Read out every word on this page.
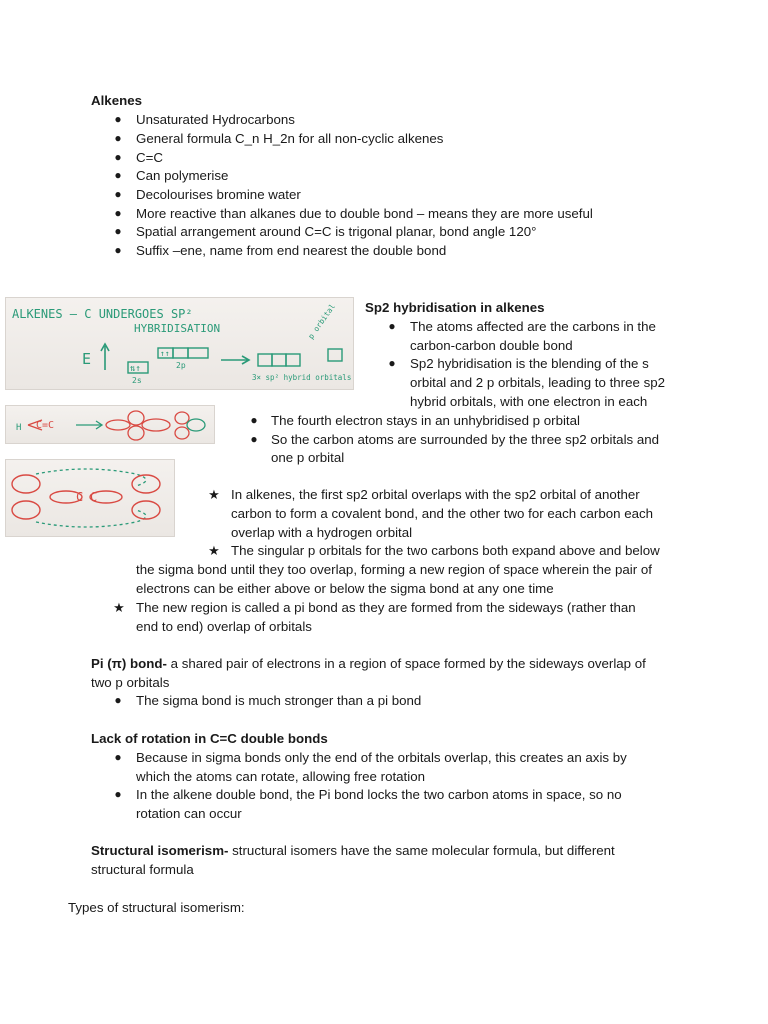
Alkenes
● Unsaturated Hydrocarbons
● General formula C_n H_2n for all non-cyclic alkenes
● C=C
● Can polymerise
● Decolourises bromine water
● More reactive than alkanes due to double bond – means they are more useful
● Spatial arrangement around C=C is trigonal planar, bond angle 120°
● Suffix –ene, name from end nearest the double bond
ALKENES – C UNDERGOES SP²
HYBRIDISATION
E
⇅↑
2s
↑↑
2p
3× sp² hybrid orbitals
p orbital
H C=C
C C
Sp2 hybridisation in alkenes
● The atoms affected are the carbons in the
carbon-carbon double bond
● Sp2 hybridisation is the blending of the s
orbital and 2 p orbitals, leading to three sp2
hybrid orbitals, with one electron in each
● The fourth electron stays in an unhybridised p orbital
● So the carbon atoms are surrounded by the three sp2 orbitals and
one p orbital
★ In alkenes, the first sp2 orbital overlaps with the sp2 orbital of another
carbon to form a covalent bond, and the other two for each carbon each
overlap with a hydrogen orbital
★ The singular p orbitals for the two carbons both expand above and below
the sigma bond until they too overlap, forming a new region of space wherein the pair of
electrons can be either above or below the sigma bond at any one time
★ The new region is called a pi bond as they are formed from the sideways (rather than
end to end) overlap of orbitals
Pi (π) bond- a shared pair of electrons in a region of space formed by the sideways overlap of
two p orbitals
● The sigma bond is much stronger than a pi bond
Lack of rotation in C=C double bonds
● Because in sigma bonds only the end of the orbitals overlap, this creates an axis by
which the atoms can rotate, allowing free rotation
● In the alkene double bond, the Pi bond locks the two carbon atoms in space, so no
rotation can occur
Structural isomerism- structural isomers have the same molecular formula, but different
structural formula
Types of structural isomerism:
